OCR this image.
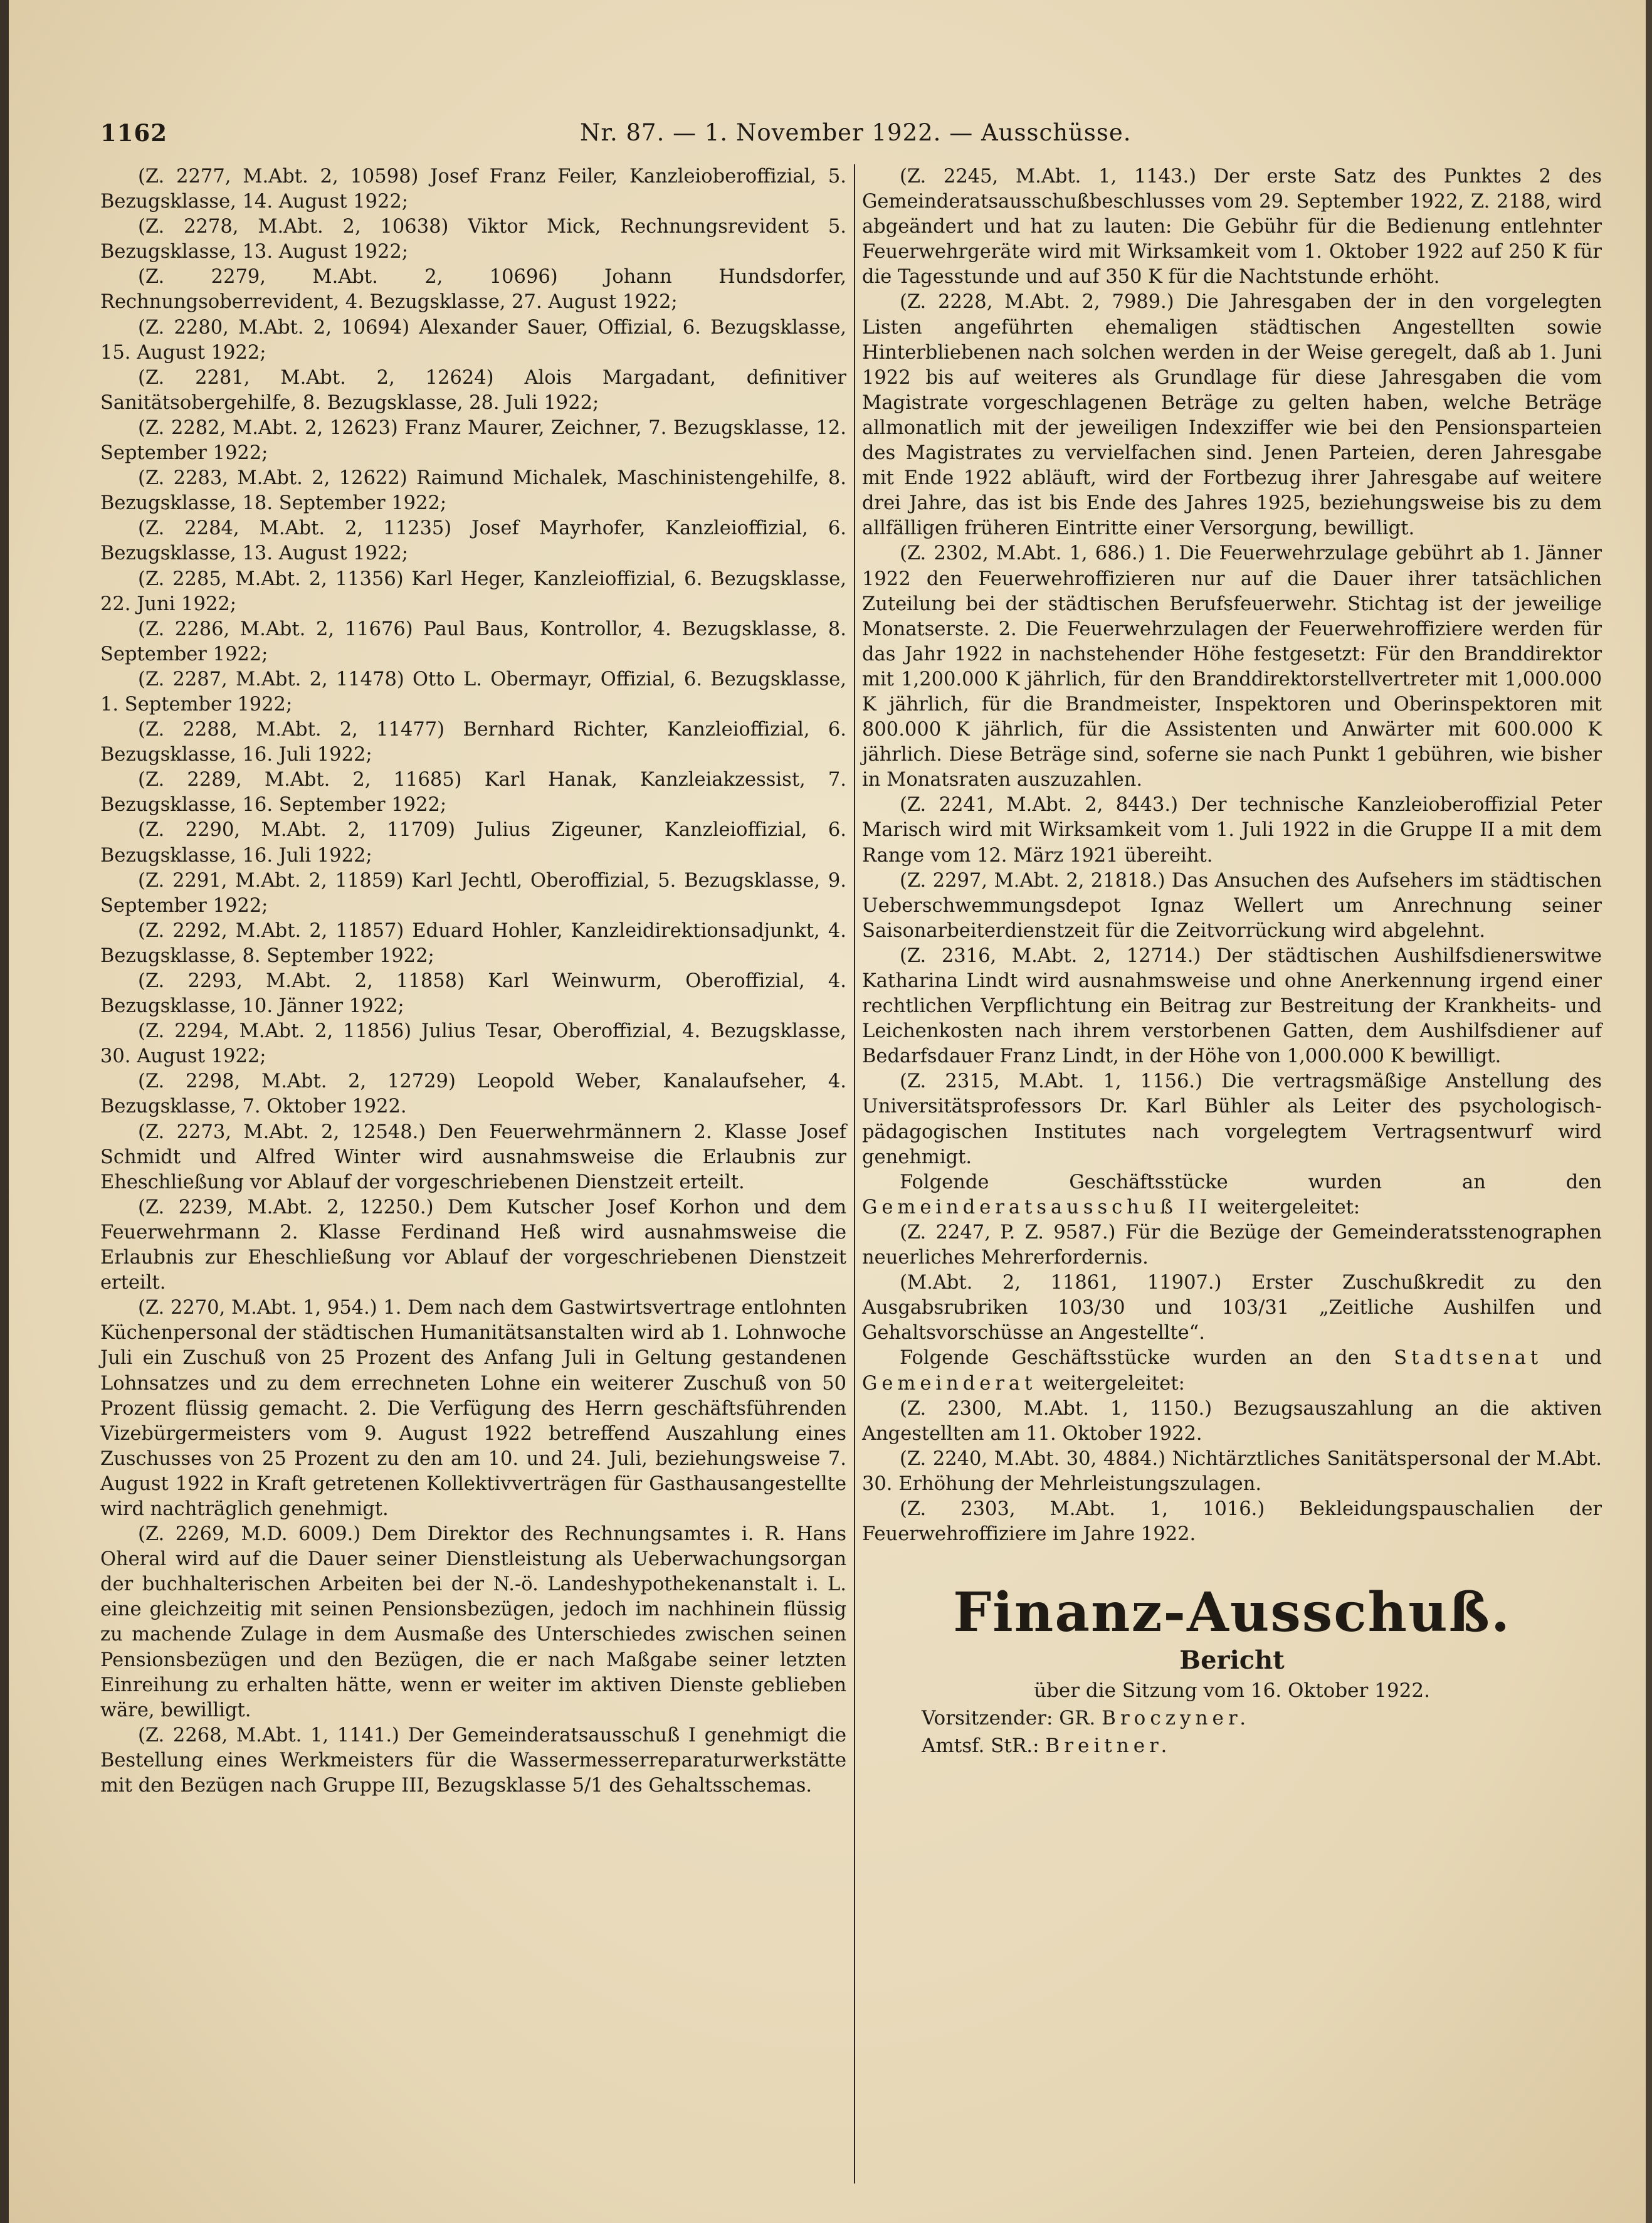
1162	Nr. 87. — 1. November 1922. — Ausschüsse.

(Z. 2277, M.Abt. 2, 10598) Josef Franz Feiler, Kanzleioberoffizial, 5. Bezugsklasse, 14. August 1922;

(Z. 2278, M.Abt. 2, 10638) Viktor Mick, Rechnungsrevident 5. Bezugsklasse, 13. August 1922;

(Z. 2279, M.Abt. 2, 10696) Johann Hundsdorfer, Rechnungsoberrevident, 4. Bezugsklasse, 27. August 1922;

(Z. 2280, M.Abt. 2, 10694) Alexander Sauer, Offizial, 6. Bezugsklasse, 15. August 1922;

(Z. 2281, M.Abt. 2, 12624) Alois Margadant, definitiver Sanitätsobergehilfe, 8. Bezugsklasse, 28. Juli 1922;

(Z. 2282, M.Abt. 2, 12623) Franz Maurer, Zeichner, 7. Bezugsklasse, 12. September 1922;

(Z. 2283, M.Abt. 2, 12622) Raimund Michalek, Maschinistengehilfe, 8. Bezugsklasse, 18. September 1922;

(Z. 2284, M.Abt. 2, 11235) Josef Mayrhofer, Kanzleioffizial, 6. Bezugsklasse, 13. August 1922;

(Z. 2285, M.Abt. 2, 11356) Karl Heger, Kanzleioffizial, 6. Bezugsklasse, 22. Juni 1922;

(Z. 2286, M.Abt. 2, 11676) Paul Baus, Kontrollor, 4. Bezugsklasse, 8. September 1922;

(Z. 2287, M.Abt. 2, 11478) Otto L. Obermayr, Offizial, 6. Bezugsklasse, 1. September 1922;

(Z. 2288, M.Abt. 2, 11477) Bernhard Richter, Kanzleioffizial, 6. Bezugsklasse, 16. Juli 1922;

(Z. 2289, M.Abt. 2, 11685) Karl Hanak, Kanzleiakzessist, 7. Bezugsklasse, 16. September 1922;

(Z. 2290, M.Abt. 2, 11709) Julius Zigeuner, Kanzleioffizial, 6. Bezugsklasse, 16. Juli 1922;

(Z. 2291, M.Abt. 2, 11859) Karl Jechtl, Oberoffizial, 5. Bezugsklasse, 9. September 1922;

(Z. 2292, M.Abt. 2, 11857) Eduard Hohler, Kanzleidirektionsadjunkt, 4. Bezugsklasse, 8. September 1922;

(Z. 2293, M.Abt. 2, 11858) Karl Weinwurm, Oberoffizial, 4. Bezugsklasse, 10. Jänner 1922;

(Z. 2294, M.Abt. 2, 11856) Julius Tesar, Oberoffizial, 4. Bezugsklasse, 30. August 1922;

(Z. 2298, M.Abt. 2, 12729) Leopold Weber, Kanalaufseher, 4. Bezugsklasse, 7. Oktober 1922.

(Z. 2273, M.Abt. 2, 12548.) Den Feuerwehrmännern 2. Klasse Josef Schmidt und Alfred Winter wird ausnahmsweise die Erlaubnis zur Eheschließung vor Ablauf der vorgeschriebenen Dienstzeit erteilt.

(Z. 2239, M.Abt. 2, 12250.) Dem Kutscher Josef Korhon und dem Feuerwehrmann 2. Klasse Ferdinand Heß wird ausnahmsweise die Erlaubnis zur Eheschließung vor Ablauf der vorgeschriebenen Dienstzeit erteilt.

(Z. 2270, M.Abt. 1, 954.) 1. Dem nach dem Gastwirtsvertrage entlohnten Küchenpersonal der städtischen Humanitätsanstalten wird ab 1. Lohnwoche Juli ein Zuschuß von 25 Prozent des Anfang Juli in Geltung gestandenen Lohnsatzes und zu dem errechneten Lohne ein weiterer Zuschuß von 50 Prozent flüssig gemacht. 2. Die Verfügung des Herrn geschäftsführenden Vizebürgermeisters vom 9. August 1922 betreffend Auszahlung eines Zuschusses von 25 Prozent zu den am 10. und 24. Juli, beziehungsweise 7. August 1922 in Kraft getretenen Kollektivverträgen für Gasthausangestellte wird nachträglich genehmigt.

(Z. 2269, M.D. 6009.) Dem Direktor des Rechnungsamtes i. R. Hans Oheral wird auf die Dauer seiner Dienstleistung als Ueberwachungsorgan der buchhalterischen Arbeiten bei der N.-ö. Landeshypothekenanstalt i. L. eine gleichzeitig mit seinen Pensionsbezügen, jedoch im nachhinein flüssig zu machende Zulage in dem Ausmaße des Unterschiedes zwischen seinen Pensionsbezügen und den Bezügen, die er nach Maßgabe seiner letzten Einreihung zu erhalten hätte, wenn er weiter im aktiven Dienste geblieben wäre, bewilligt.

(Z. 2268, M.Abt. 1, 1141.) Der Gemeinderatsausschuß I genehmigt die Bestellung eines Werkmeisters für die Wassermesserreparaturwerkstätte mit den Bezügen nach Gruppe III, Bezugsklasse 5/1 des Gehaltsschemas.

(Z. 2245, M.Abt. 1, 1143.) Der erste Satz des Punktes 2 des Gemeinderatsausschußbeschlusses vom 29. September 1922, Z. 2188, wird abgeändert und hat zu lauten: Die Gebühr für die Bedienung entlehnter Feuerwehrgeräte wird mit Wirksamkeit vom 1. Oktober 1922 auf 250 K für die Tagesstunde und auf 350 K für die Nachtstunde erhöht.

(Z. 2228, M.Abt. 2, 7989.) Die Jahresgaben der in den vorgelegten Listen angeführten ehemaligen städtischen Angestellten sowie Hinterbliebenen nach solchen werden in der Weise geregelt, daß ab 1. Juni 1922 bis auf weiteres als Grundlage für diese Jahresgaben die vom Magistrate vorgeschlagenen Beträge zu gelten haben, welche Beträge allmonatlich mit der jeweiligen Indexziffer wie bei den Pensionsparteien des Magistrates zu vervielfachen sind. Jenen Parteien, deren Jahresgabe mit Ende 1922 abläuft, wird der Fortbezug ihrer Jahresgabe auf weitere drei Jahre, das ist bis Ende des Jahres 1925, beziehungsweise bis zu dem allfälligen früheren Eintritte einer Versorgung, bewilligt.

(Z. 2302, M.Abt. 1, 686.) 1. Die Feuerwehrzulage gebührt ab 1. Jänner 1922 den Feuerwehroffizieren nur auf die Dauer ihrer tatsächlichen Zuteilung bei der städtischen Berufsfeuerwehr. Stichtag ist der jeweilige Monatserste. 2. Die Feuerwehrzulagen der Feuerwehroffiziere werden für das Jahr 1922 in nachstehender Höhe festgesetzt: Für den Branddirektor mit 1,200.000 K jährlich, für den Branddirektorstellvertreter mit 1,000.000 K jährlich, für die Brandmeister, Inspektoren und Oberinspektoren mit 800.000 K jährlich, für die Assistenten und Anwärter mit 600.000 K jährlich. Diese Beträge sind, soferne sie nach Punkt 1 gebühren, wie bisher in Monatsraten auszuzahlen.

(Z. 2241, M.Abt. 2, 8443.) Der technische Kanzleioberoffizial Peter Marisch wird mit Wirksamkeit vom 1. Juli 1922 in die Gruppe II a mit dem Range vom 12. März 1921 übereiht.

(Z. 2297, M.Abt. 2, 21818.) Das Ansuchen des Aufsehers im städtischen Ueberschwemmungsdepot Ignaz Wellert um Anrechnung seiner Saisonarbeiterdienstzeit für die Zeitvorrückung wird abgelehnt.

(Z. 2316, M.Abt. 2, 12714.) Der städtischen Aushilfsdienerswitwe Katharina Lindt wird ausnahmsweise und ohne Anerkennung irgend einer rechtlichen Verpflichtung ein Beitrag zur Bestreitung der Krankheits- und Leichenkosten nach ihrem verstorbenen Gatten, dem Aushilfsdiener auf Bedarfsdauer Franz Lindt, in der Höhe von 1,000.000 K bewilligt.

(Z. 2315, M.Abt. 1, 1156.) Die vertragsmäßige Anstellung des Universitätsprofessors Dr. Karl Bühler als Leiter des psychologisch-pädagogischen Institutes nach vorgelegtem Vertragsentwurf wird genehmigt.

Folgende Geschäftsstücke wurden an den Gemeinderatsausschuß II weitergeleitet:

(Z. 2247, P. Z. 9587.) Für die Bezüge der Gemeinderatsstenographen neuerliches Mehrerfordernis.

(M.Abt. 2, 11861, 11907.) Erster Zuschußkredit zu den Ausgabsrubriken 103/30 und 103/31 „Zeitliche Aushilfen und Gehaltsvorschüsse an Angestellte“.

Folgende Geschäftsstücke wurden an den Stadtsenat und Gemeinderat weitergeleitet:

(Z. 2300, M.Abt. 1, 1150.) Bezugsauszahlung an die aktiven Angestellten am 11. Oktober 1922.

(Z. 2240, M.Abt. 30, 4884.) Nichtärztliches Sanitätspersonal der M.Abt. 30. Erhöhung der Mehrleistungszulagen.

(Z. 2303, M.Abt. 1, 1016.) Bekleidungspauschalien der Feuerwehroffiziere im Jahre 1922.

Finanz-Ausschuß.
Bericht
über die Sitzung vom 16. Oktober 1922.
Vorsitzender: GR. Broczyner.
Amtsf. StR.: Breitner.
